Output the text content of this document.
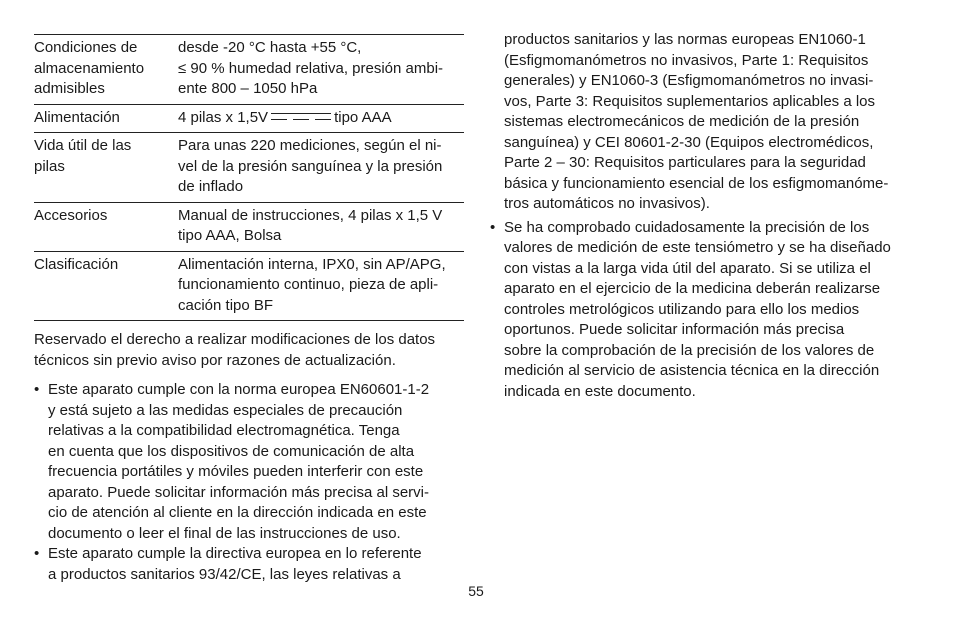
Condiciones de
almacenamiento
admisibles	desde -20 °C hasta +55 °C,
≤ 90 % humedad relativa, presión ambi-
ente 800 – 1050 hPa

Alimentación	4 pilas x 1,5V tipo AAA

Vida útil de las
pilas	Para unas 220 mediciones, según el ni-
vel de la presión sanguínea y la presión
de inflado

Accesorios	Manual de instrucciones, 4 pilas x 1,5 V
tipo AAA, Bolsa

Clasificación	Alimentación interna, IPX0, sin AP/APG,
funcionamiento continuo, pieza de apli-
cación tipo BF
Reservado el derecho a realizar modificaciones de los datos
técnicos sin previo aviso por razones de actualización.
• Este aparato cumple con la norma europea EN60601-1-2
y está sujeto a las medidas especiales de precaución
relativas a la compatibilidad electromagnética. Tenga
en cuenta que los dispositivos de comunicación de alta
frecuencia portátiles y móviles pueden interferir con este
aparato. Puede solicitar información más precisa al servi-
cio de atención al cliente en la dirección indicada en este
documento o leer el final de las instrucciones de uso.
• Este aparato cumple la directiva europea en lo referente
a productos sanitarios 93/42/CE, las leyes relativas a
productos sanitarios y las normas europeas EN1060-1
(Esfigmomanómetros no invasivos, Parte 1: Requisitos
generales) y EN1060-3 (Esfigmomanómetros no invasi-
vos, Parte 3: Requisitos suplementarios aplicables a los
sistemas electromecánicos de medición de la presión
sanguínea) y CEI 80601-2-30 (Equipos electromédicos,
Parte 2 – 30: Requisitos particulares para la seguridad
básica y funcionamiento esencial de los esfigmomanóme-
tros automáticos no invasivos).
• Se ha comprobado cuidadosamente la precisión de los
valores de medición de este tensiómetro y se ha diseñado
con vistas a la larga vida útil del aparato. Si se utiliza el
aparato en el ejercicio de la medicina deberán realizarse
controles metrológicos utilizando para ello los medios
oportunos. Puede solicitar información más precisa
sobre la comprobación de la precisión de los valores de
medición al servicio de asistencia técnica en la dirección
indicada en este documento.
55
